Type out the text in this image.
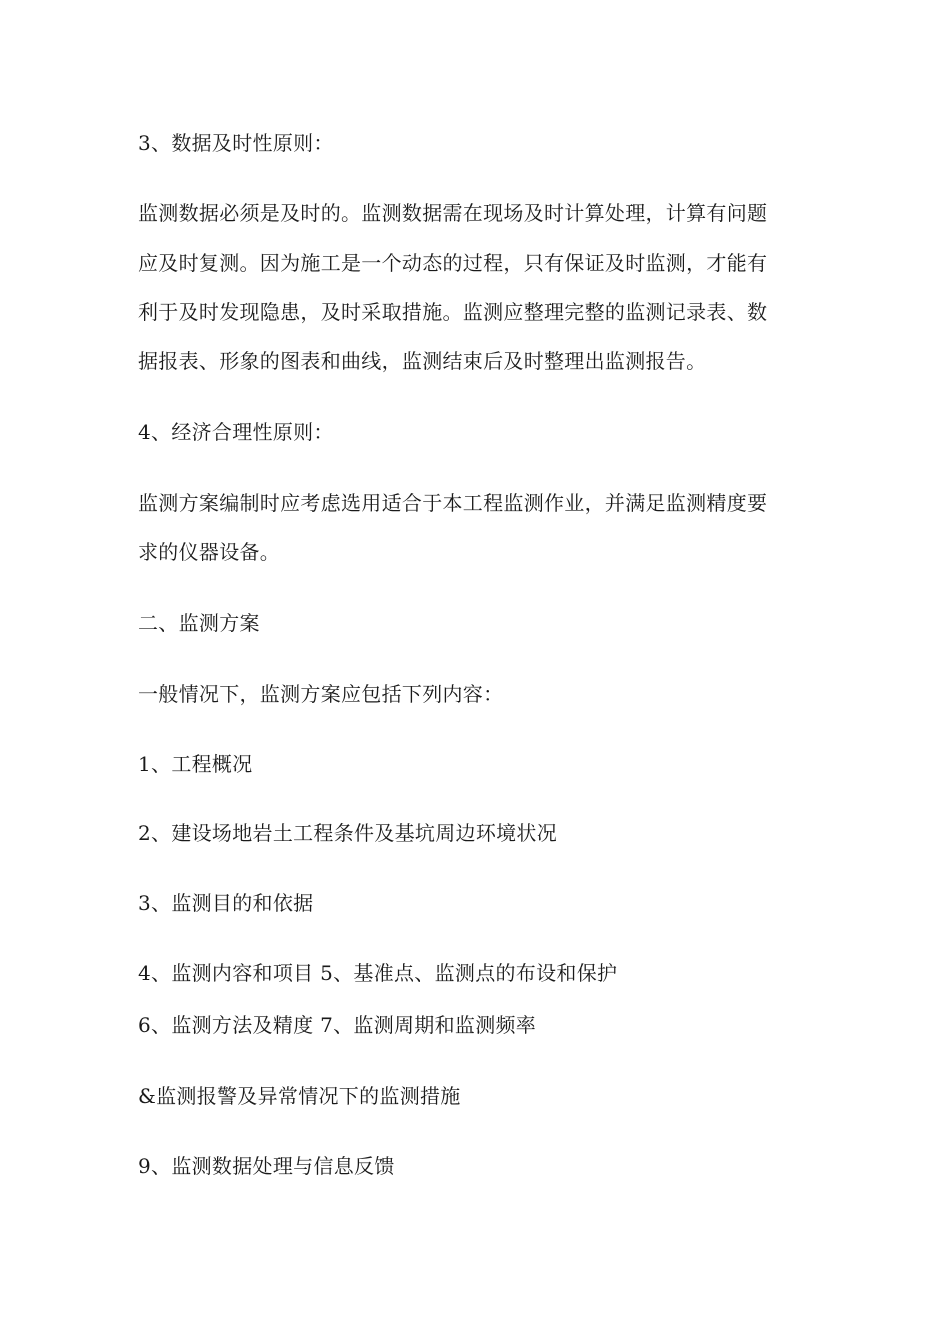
3、数据及时性原则：
监测数据必须是及时的。监测数据需在现场及时计算处理，计算有问题
应及时复测。因为施工是一个动态的过程，只有保证及时监测，才能有
利于及时发现隐患，及时采取措施。监测应整理完整的监测记录表、数
据报表、形象的图表和曲线，监测结束后及时整理出监测报告。
4、经济合理性原则：
监测方案编制时应考虑选用适合于本工程监测作业，并满足监测精度要
求的仪器设备。
二、监测方案
一般情况下，监测方案应包括下列内容：
1、工程概况
2、建设场地岩土工程条件及基坑周边环境状况
3、监测目的和依据
4、监测内容和项目 5、基准点、监测点的布设和保护
6、监测方法及精度 7、监测周期和监测频率
&监测报警及异常情况下的监测措施
9、监测数据处理与信息反馈
